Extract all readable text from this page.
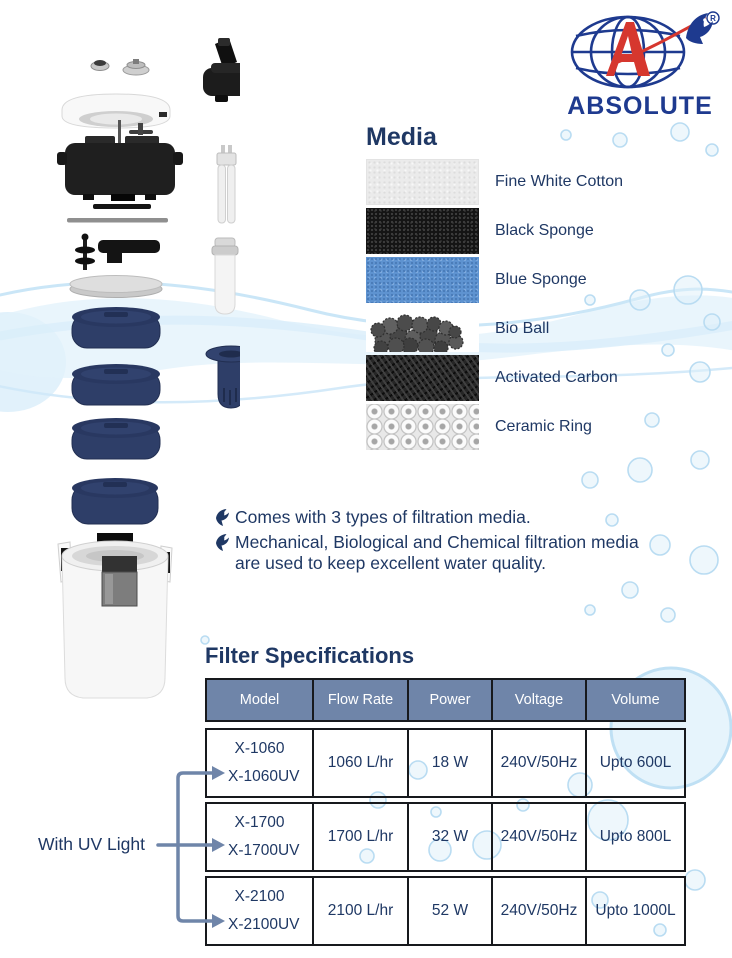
R
ABSOLUTE
Media
Fine White Cotton
Black Sponge
Blue Sponge
Bio Ball
Activated Carbon
Ceramic Ring
Comes with 3 types of filtration media.
Mechanical, Biological and Chemical filtration media are used to keep excellent water quality.
Filter Specifications
Model	Flow Rate	Power	Voltage	Volume
X-1060
X-1060UV
1060 L/hr	18 W	240V/50Hz	Upto 600L
X-1700
X-1700UV
1700 L/hr	32 W	240V/50Hz	Upto 800L
X-2100
X-2100UV
2100 L/hr	52 W	240V/50Hz	Upto 1000L
With UV Light
